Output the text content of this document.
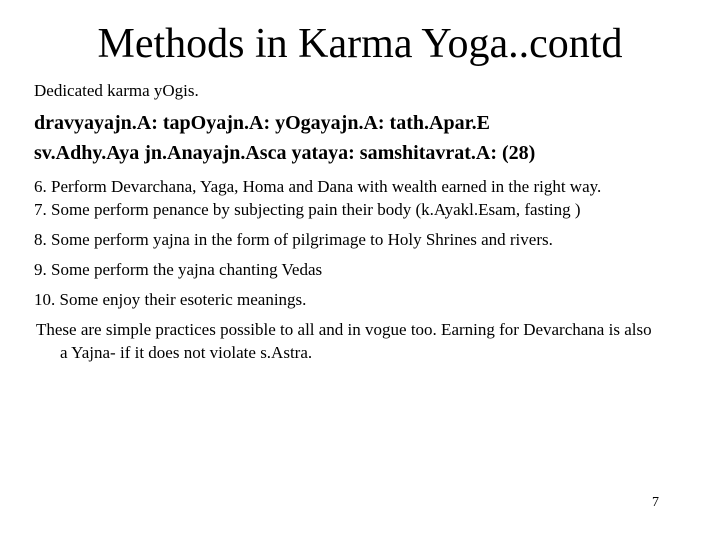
Methods in Karma Yoga..contd
Dedicated karma yOgis.
dravyayajn.A: tapOyajn.A: yOgayajn.A: tath.Apar.E
sv.Adhy.Aya jn.Anayajn.Asca yataya: samshitavrat.A: (28)
6. Perform Devarchana, Yaga, Homa and Dana with wealth earned in the right way.
7. Some perform penance by subjecting pain their body (k.Ayakl.Esam, fasting )
8. Some perform yajna in the form of pilgrimage to Holy Shrines and rivers.
9. Some perform the yajna chanting Vedas
10. Some enjoy their esoteric meanings.
These are simple practices possible to all and in vogue too. Earning for Devarchana is also a Yajna- if it does not violate s.Astra.
7
